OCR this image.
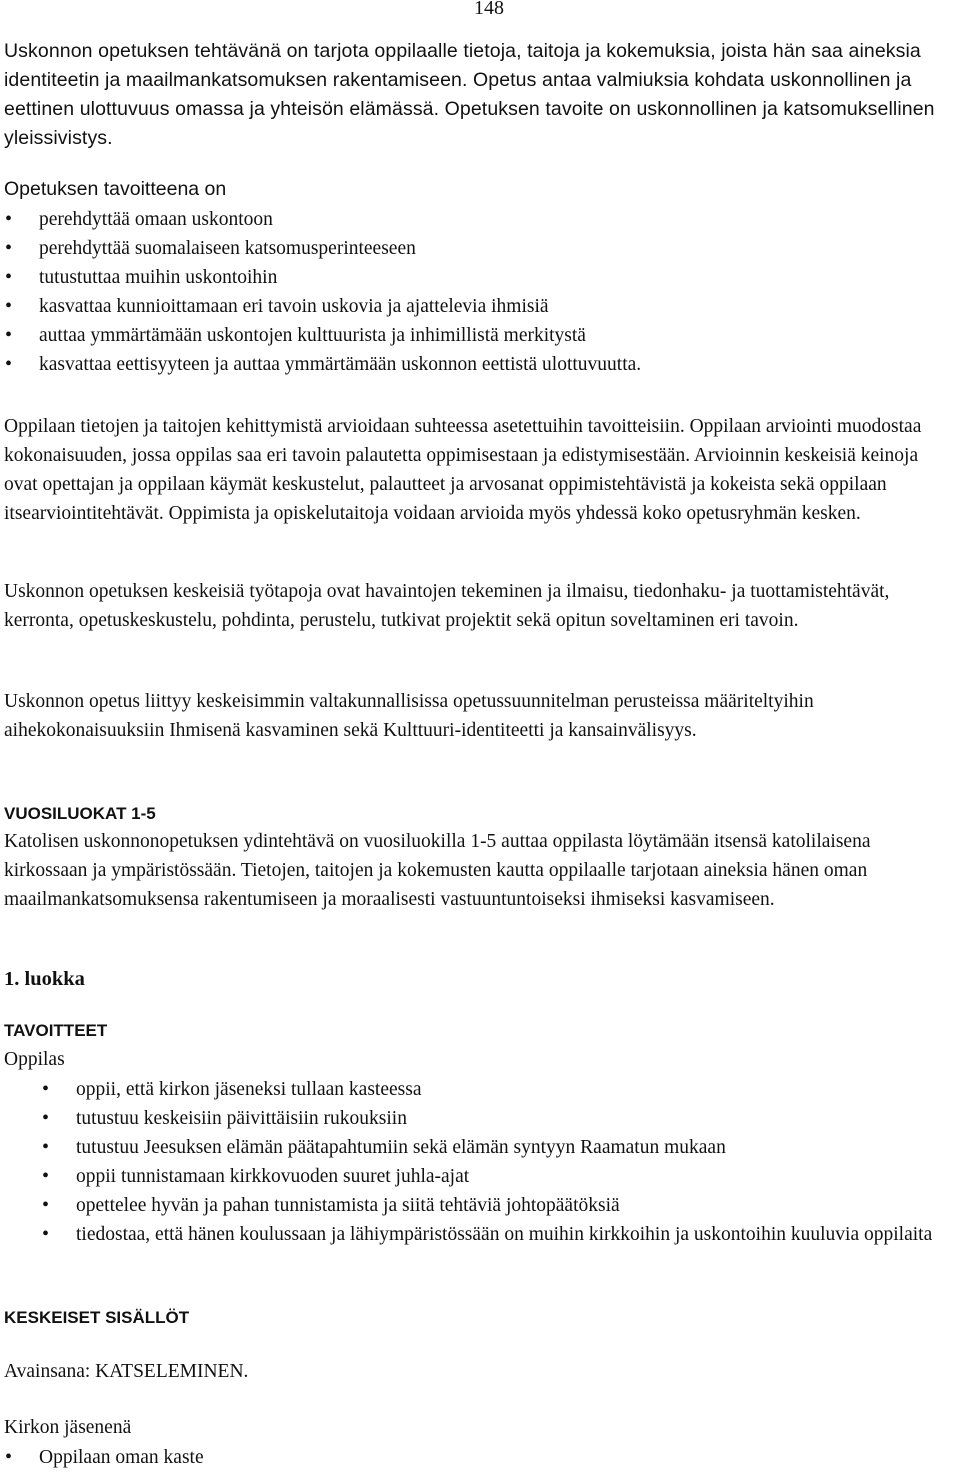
148

Uskonnon opetuksen tehtävänä on tarjota oppilaalle tietoja, taitoja ja kokemuksia, joista hän saa aineksia identiteetin ja maailmankatsomuksen rakentamiseen. Opetus antaa valmiuksia kohdata uskonnollinen ja eettinen ulottuvuus omassa ja yhteisön elämässä. Opetuksen tavoite on uskonnollinen ja katsomuksellinen yleissivistys.

Opetuksen tavoitteena on

• perehdyttää omaan uskontoon
• perehdyttää suomalaiseen katsomusperinteeseen
• tutustuttaa muihin uskontoihin
• kasvattaa kunnioittamaan eri tavoin uskovia ja ajattelevia ihmisiä
• auttaa ymmärtämään uskontojen kulttuurista ja inhimillistä merkitystä
• kasvattaa eettisyyteen ja auttaa ymmärtämään uskonnon eettistä ulottuvuutta.

Oppilaan tietojen ja taitojen kehittymistä arvioidaan suhteessa asetettuihin tavoitteisiin. Oppilaan arviointi muodostaa kokonaisuuden, jossa oppilas saa eri tavoin palautetta oppimisestaan ja edistymisestään. Arvioinnin keskeisiä keinoja ovat opettajan ja oppilaan käymät keskustelut, palautteet ja arvosanat oppimistehtävistä ja kokeista sekä oppilaan itsearviointitehtävät. Oppimista ja opiskelutaitoja voidaan arvioida myös yhdessä koko opetusryhmän kesken.

Uskonnon opetuksen keskeisiä työtapoja ovat havaintojen tekeminen ja ilmaisu, tiedonhaku- ja tuottamistehtävät, kerronta, opetuskeskustelu, pohdinta, perustelu, tutkivat projektit sekä opitun soveltaminen eri tavoin.

Uskonnon opetus liittyy keskeisimmin valtakunnallisissa opetussuunnitelman perusteissa määriteltyihin aihekokonaisuuksiin Ihmisenä kasvaminen sekä Kulttuuri-identiteetti ja kansainvälisyys.

VUOSILUOKAT 1-5

Katolisen uskonnonopetuksen ydintehtävä on vuosiluokilla 1-5 auttaa oppilasta löytämään itsensä katolilaisena kirkossaan ja ympäristössään. Tietojen, taitojen ja kokemusten kautta oppilaalle tarjotaan aineksia hänen oman maailmankatsomuksensa rakentumiseen ja moraalisesti vastuuntuntoiseksi ihmiseksi kasvamiseen.

1. luokka

TAVOITTEET

Oppilas

• oppii, että kirkon jäseneksi tullaan kasteessa
• tutustuu keskeisiin päivittäisiin rukouksiin
• tutustuu Jeesuksen elämän päätapahtumiin sekä elämän syntyyn Raamatun mukaan
• oppii tunnistamaan kirkkovuoden suuret juhla-ajat
• opettelee hyvän ja pahan tunnistamista ja siitä tehtäviä johtopäätöksiä
• tiedostaa, että hänen koulussaan ja lähiympäristössään on muihin kirkkoihin ja uskontoihin kuuluvia oppilaita

KESKEISET SISÄLLÖT

Avainsana: KATSELEMINEN.

Kirkon jäsenenä

• Oppilaan oman kaste
